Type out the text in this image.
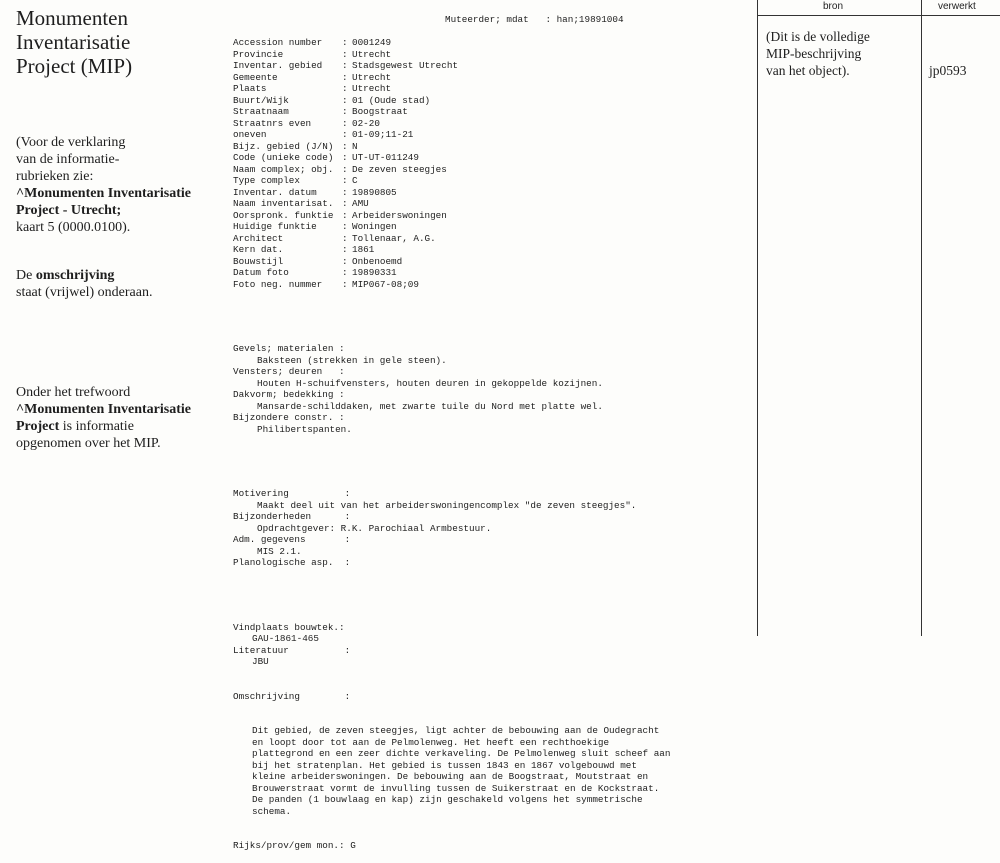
Monumenten
Inventarisatie
Project (MIP)

(Voor de verklaring

van de informatie-

rubrieken zie:

^Monumenten Inventarisatie

Project - Utrecht;

kaart 5 (0000.0100).

De omschrijving

staat (vrijwel) onderaan.

Onder het trefwoord

^Monumenten Inventarisatie

Project is informatie

opgenomen over het MIP.

Muteerder; mdat : han;19891004

Accession number : 0001249
Provincie	: Utrecht
Inventar. gebied : Stadsgewest Utrecht
Gemeente	: Utrecht
Plaats	: Utrecht
Buurt/Wijk	: 01 (Oude stad)
Straatnaam	: Boogstraat
Straatnrs even	: 02-20
oneven	: 01-09;11-21
Bijz. gebied (J/N) : N
Code (unieke code) : UT-UT-011249
Naam complex; obj. : De zeven steegjes
Type complex	: C
Inventar. datum	: 19890805
Naam inventarisat. : AMU
Oorspronk. funktie : Arbeiderswoningen
Huidige funktie	: Woningen
Architect	: Tollenaar, A.G.
Kern dat.	: 1861
Bouwstijl	: Onbenoemd
Datum foto	: 19890331
Foto neg. nummer : MIP067-08;09

Gevels; materialen :
Baksteen (strekken in gele steen).
Vensters; deuren   :
Houten H-schuifvensters, houten deuren in gekoppelde kozijnen.
Dakvorm; bedekking :
Mansarde-schilddaken, met zwarte tuile du Nord met platte wel.
Bijzondere constr. :
Philibertspanten.

Motivering          :
Maakt deel uit van het arbeiderswoningencomplex "de zeven steegjes".
Bijzonderheden      :
Opdrachtgever: R.K. Parochiaal Armbestuur.
Adm. gegevens       :
MIS 2.1.
Planologische asp.  :

Vindplaats bouwtek.:
GAU-1861-465
Literatuur          :
JBU

Omschrijving        :

Dit gebied, de zeven steegjes, ligt achter de bebouwing aan de Oudegracht
en loopt door tot aan de Pelmolenweg. Het heeft een rechthoekige
plattegrond en een zeer dichte verkaveling. De Pelmolenweg sluit scheef aan
bij het stratenplan. Het gebied is tussen 1843 en 1867 volgebouwd met
kleine arbeiderswoningen. De bebouwing aan de Boogstraat, Moutstraat en
Brouwerstraat vormt de invulling tussen de Suikerstraat en de Kockstraat.
De panden (1 bouwlaag en kap) zijn geschakeld volgens het symmetrische
schema.

Rijks/prov/gem mon.: G

bron	verwerkt
(Dit is de volledige
MIP-beschrijving
van het object).	jp0593
